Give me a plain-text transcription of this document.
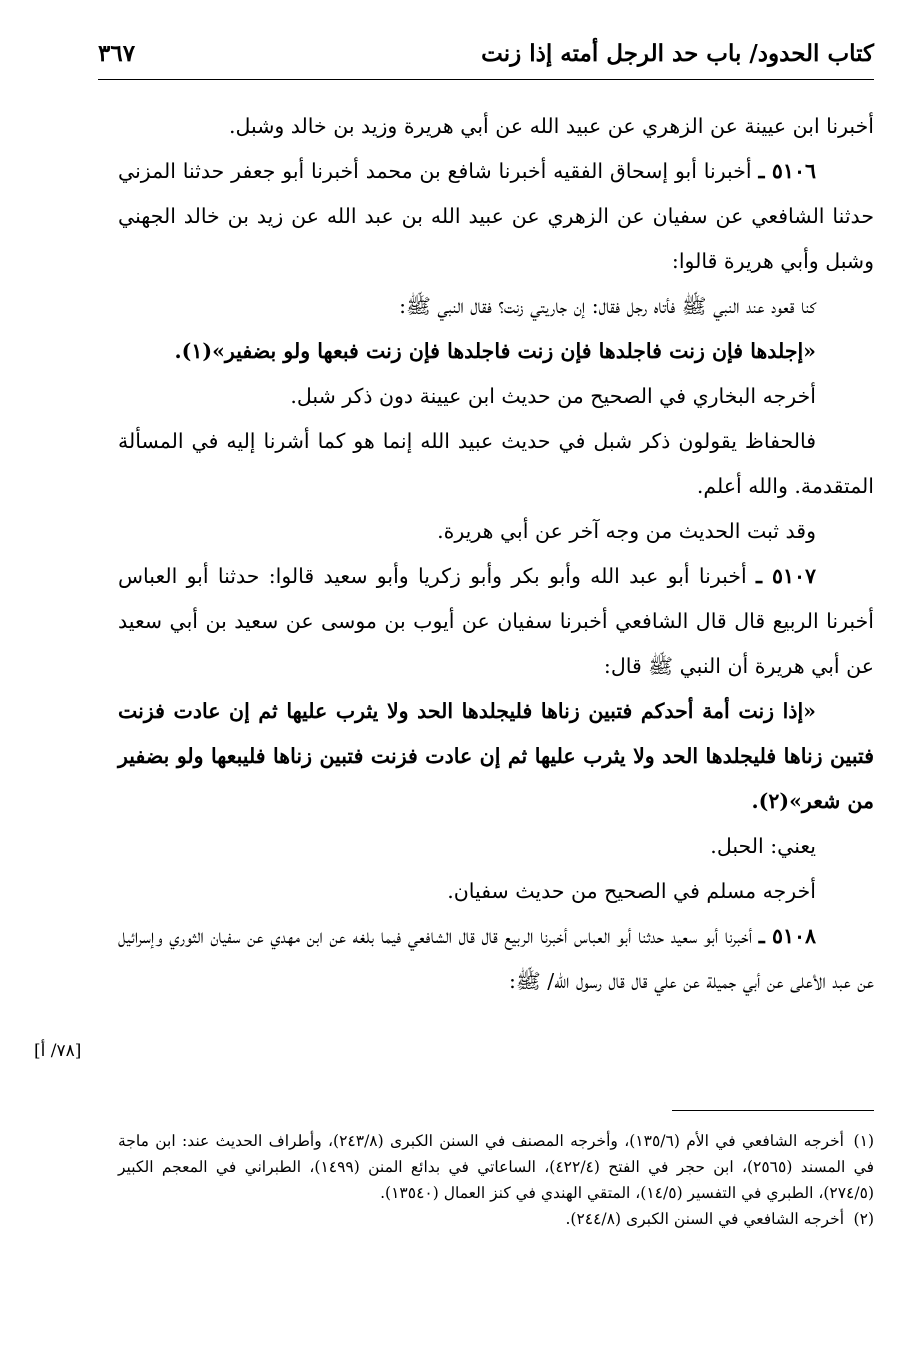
كتاب الحدود/ باب حد الرجل أمته إذا زنت
٣٦٧

أخبرنا ابن عيينة عن الزهري عن عبيد الله عن أبي هريرة وزيد بن خالد وشبل.

٥١٠٦ ـ أخبرنا أبو إسحاق الفقيه أخبرنا شافع بن محمد أخبرنا أبو جعفر حدثنا المزني حدثنا الشافعي عن سفيان عن الزهري عن عبيد الله بن عبد الله عن زيد بن خالد الجهني وشبل وأبي هريرة قالوا:

كنا قعود عند النبي ﷺ فأتاه رجل فقال: إن جاريتي زنت؟ فقال النبي ﷺ:

«إجلدها فإن زنت فاجلدها فإن زنت فاجلدها فإن زنت فبعها ولو بضفير»(١).

أخرجه البخاري في الصحيح من حديث ابن عيينة دون ذكر شبل.

فالحفاظ يقولون ذكر شبل في حديث عبيد الله إنما هو كما أشرنا إليه في المسألة المتقدمة. والله أعلم.

وقد ثبت الحديث من وجه آخر عن أبي هريرة.

٥١٠٧ ـ أخبرنا أبو عبد الله وأبو بكر وأبو زكريا وأبو سعيد قالوا: حدثنا أبو العباس أخبرنا الربيع قال قال الشافعي أخبرنا سفيان عن أيوب بن موسى عن سعيد بن أبي سعيد عن أبي هريرة أن النبي ﷺ قال:

«إذا زنت أمة أحدكم فتبين زناها فليجلدها الحد ولا يثرب عليها ثم إن عادت فزنت فتبين زناها فليجلدها الحد ولا يثرب عليها ثم إن عادت فزنت فتبين زناها فليبعها ولو بضفير من شعر»(٢).

يعني: الحبل.

أخرجه مسلم في الصحيح من حديث سفيان.

٥١٠٨ ـ أخبرنا أبو سعيد حدثنا أبو العباس أخبرنا الربيع قال قال الشافعي فيما بلغه عن ابن مهدي عن سفيان الثوري وإسرائيل عن عبد الأعلى عن أبي جميلة عن علي قال قال رسول الله/ ﷺ:

[٧٨/ أ]

(١)أخرجه الشافعي في الأم (١٣٥/٦)، وأخرجه المصنف في السنن الكبرى (٢٤٣/٨)، وأطراف الحديث عند: ابن ماجة في المسند (٢٥٦٥)، ابن حجر في الفتح (٤٢٢/٤)، الساعاتي في بدائع المنن (١٤٩٩)، الطبراني في المعجم الكبير (٢٧٤/٥)، الطبري في التفسير (١٤/٥)، المتقي الهندي في كنز العمال (١٣٥٤٠).

(٢)أخرجه الشافعي في السنن الكبرى (٢٤٤/٨).
